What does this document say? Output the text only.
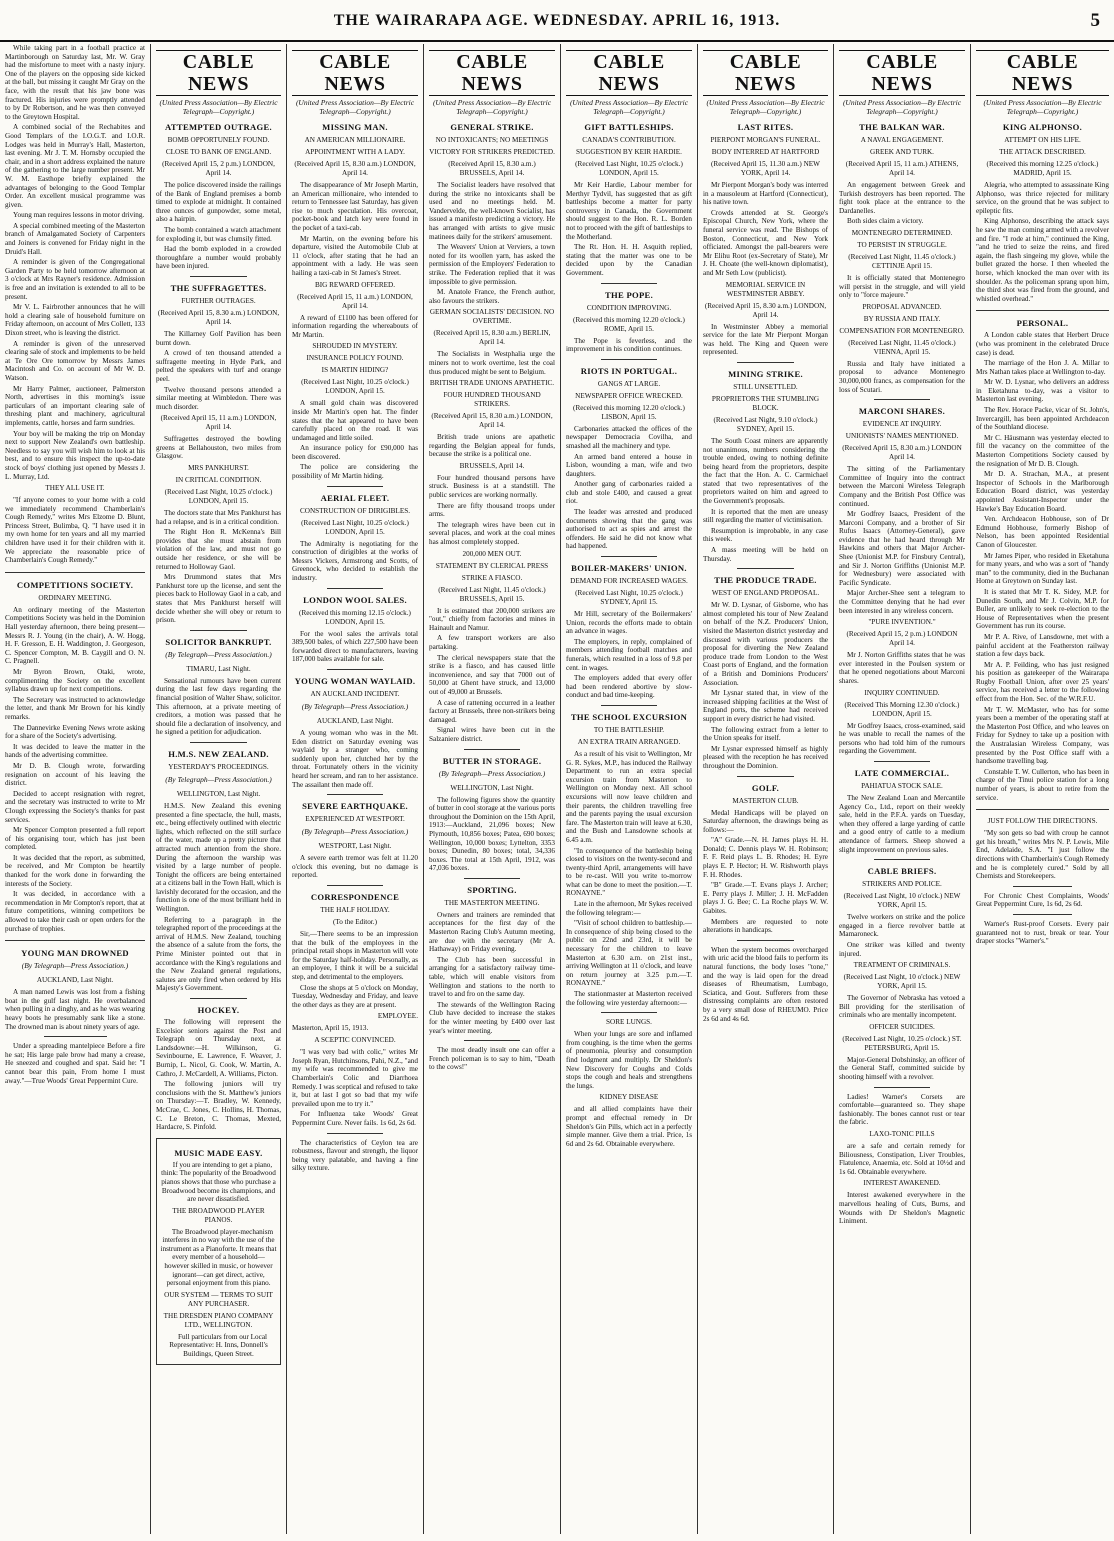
THE WAIRARAPA AGE. WEDNESDAY. APRIL 16, 1913.	5

While taking part in a football practice at Martinborough on Saturday last, Mr. W. Gray had the misfortune to meet with a nasty injury. One of the players on the opposing side kicked at the ball, but missing it caught Mr Gray on the face, with the result that his jaw bone was fractured. His injuries were promptly attended to by Dr Robertson, and he was then conveyed to the Greytown Hospital.

A combined social of the Rechabites and Good Templars of the I.O.G.T. and I.O.R. Lodges was held in Murray's Hall, Masterton, last evening. Mr J. T. M. Hornsby occupied the chair, and in a short address explained the nature of the gathering to the large number present. Mr W. M. Easthope briefly explained the advantages of belonging to the Good Templar Order. An excellent musical programme was given.

Young man requires lessons in motor driving.

A special combined meeting of the Masterton branch of Amalgamated Society of Carpenters and Joiners is convened for Friday night in the Druid's Hall.

A reminder is given of the Congregational Garden Party to be held tomorrow afternoon at 3 o'clock at Mrs Rayner's residence. Admission is free and an invitation is extended to all to be present.

Mr V. L. Fairbrother announces that he will hold a clearing sale of household furniture on Friday afternoon, on account of Mrs Collett, 133 Dixon street, who is leaving the district.

A reminder is given of the unreserved clearing sale of stock and implements to be held at Te Ore Ore tomorrow by Messrs James Macintosh and Co. on account of Mr W. D. Watson.

Mr Harry Palmer, auctioneer, Palmerston North, advertises in this morning's issue particulars of an important clearing sale of threshing plant and machinery, agricultural implements, cattle, horses and farm sundries.

Your boy will be making the trip on Monday next to support New Zealand's own battleship. Needless to say you will wish him to look at his best, and to ensure this inspect the up-to-date stock of boys' clothing just opened by Messrs J. L. Murray, Ltd.

THEY ALL USE IT.

"If anyone comes to your home with a cold we immediately recommend Chamberlain's Cough Remedy," writes Mrs Elzome D. Blunt, Princess Street, Bulimba, Q. "I have used it in my own home for ten years and all my married children have used it for their children with it. We appreciate the reasonable price of Chamberlain's Cough Remedy."

COMPETITIONS SOCIETY.
ORDINARY MEETING.

An ordinary meeting of the Masterton Competitions Society was held in the Dominion Hall yesterday afternoon, there being present—Messrs R. J. Young (in the chair), A. W. Hogg, H. F. Gresson, E. H. Waddington, J. Georgeson, C. Spencer Compton, M. B. Caygill and O. N. C. Pragnell.

Mr Byron Brown, Otaki, wrote, complimenting the Society on the excellent syllabus drawn up for next competitions.

The Secretary was instructed to acknowledge the letter, and thank Mr Brown for his kindly remarks.

The Dannevirke Evening News wrote asking for a share of the Society's advertising.

It was decided to leave the matter in the hands of the advertising committee.

Mr D. B. Clough wrote, forwarding resignation on account of his leaving the district.

Decided to accept resignation with regret, and the secretary was instructed to write to Mr Clough expressing the Society's thanks for past services.

Mr Spencer Compton presented a full report of his organising tour, which has just been completed.

It was decided that the report, as submitted, be received, and Mr Compton be heartily thanked for the work done in forwarding the interests of the Society.

It was decided, in accordance with a recommendation in Mr Compton's report, that at future competitions, winning competitors be allowed to take their cash or open orders for the purchase of trophies.

YOUNG MAN DROWNED
(By Telegraph—Press Association.)
AUCKLAND, Last Night.

A man named Lewis was lost from a fishing boat in the gulf last night. He overbalanced when pulling in a dinghy, and as he was wearing heavy boots he presumably sank like a stone. The drowned man is about ninety years of age.

Under a spreading mantelpiece Before a fire he sat; His large pale brow had many a crease, He sneezed and coughed and spat. Said he: "I cannot bear this pain, From home I must away."—True Woods' Great Peppermint Cure.

CABLE NEWS
(United Press Association—By Electric Telegraph—Copyright.)
ATTEMPTED OUTRAGE.
BOMB OPPORTUNELY FOUND.
CLOSE TO BANK OF ENGLAND.
(Received April 15, 2 p.m.) LONDON, April 14.

The police discovered inside the railings of the Bank of England premises a bomb timed to explode at midnight. It contained three ounces of gunpowder, some metal, also a hairpin.

The bomb contained a watch attachment for exploding it, but was clumsily fitted.

Had the bomb exploded in a crowded thoroughfare a number would probably have been injured.

THE SUFFRAGETTES.
FURTHER OUTRAGES.
(Received April 15, 8.30 a.m.) LONDON, April 14.

The Killarney Golf Pavilion has been burnt down.

A crowd of ten thousand attended a suffragette meeting in Hyde Park, and pelted the speakers with turf and orange peel.

Twelve thousand persons attended a similar meeting at Wimbledon. There was much disorder.

(Received April 15, 11 a.m.) LONDON, April 14.

Suffragettes destroyed the bowling greens at Bellahouston, two miles from Glasgow.

MRS PANKHURST.
IN CRITICAL CONDITION.
(Received Last Night, 10.25 o'clock.) LONDON, April 15.

The doctors state that Mrs Pankhurst has had a relapse, and is in a critical condition.

The Right Hon R. McKenna's Bill provides that she must abstain from violation of the law, and must not go outside her residence, or she will be returned to Holloway Gaol.

Mrs Drummond states that Mrs Pankhurst tore up the license, and sent the pieces back to Holloway Gaol in a cab, and states that Mrs Pankhurst herself will decide whether she will obey or return to prison.

SOLICITOR BANKRUPT.
(By Telegraph—Press Association.)
TIMARU, Last Night.

Sensational rumours have been current during the last few days regarding the financial position of Walter Shaw, solicitor. This afternoon, at a private meeting of creditors, a motion was passed that he should file a declaration of insolvency, and he signed a petition for adjudication.

H.M.S. NEW ZEALAND.
YESTERDAY'S PROCEEDINGS.
(By Telegraph—Press Association.)
WELLINGTON, Last Night.

H.M.S. New Zealand this evening presented a fine spectacle, the hull, masts, etc., being effectively outlined with electric lights, which reflected on the still surface of the water, made up a pretty picture that attracted much attention from the shore. During the afternoon the warship was visited by a large number of people. Tonight the officers are being entertained at a citizens ball in the Town Hall, which is lavishly decorated for the occasion, and the function is one of the most brilliant held in Wellington.

Referring to a paragraph in the telegraphed report of the proceedings at the arrival of H.M.S. New Zealand, touching the absence of a salute from the forts, the Prime Minister pointed out that in accordance with the King's regulations and the New Zealand general regulations, salutes are only fired when ordered by His Majesty's Government.

HOCKEY.

The following will represent the Excelsior seniors against the Post and Telegraph on Thursday next, at Landsdowne:—H. Wilkinson, G. Sevinbourne, E. Lawrence, F. Weaver, J. Burnip, L. Nicol, G. Cook, W. Martin, A. Cathro, J. McCardell, A. Williams, Picton.

The following juniors will try conclusions with the St. Matthew's juniors on Thursday:—T. Bradley, W. Kennedy, McCrae, C. Jones, C. Hollins, H. Thomas, C. Le Breton, C. Thomas, Mexted, Hardacre, S. Pinfold.

MUSIC MADE EASY.

If you are intending to get a piano, think: The popularity of the Broadwood pianos shows that those who purchase a Broadwood become its champions, and are never dissatisfied.

THE BROADWOOD PLAYER PIANOS.

The Broadwood player-mechanism interferes in no way with the use of the instrument as a Pianoforte. It means that every member of a household—however skilled in music, or however ignorant—can get direct, active, personal enjoyment from this piano.

OUR SYSTEM — TERMS TO SUIT ANY PURCHASER.
THE DRESDEN PIANO COMPANY LTD., WELLINGTON.

Full particulars from our Local Representative: H. Inns, Donnell's Buildings, Queen Street.

CABLE NEWS
(United Press Association—By Electric Telegraph—Copyright.)
MISSING MAN.
AN AMERICAN MILLIONAIRE.
APPOINTMENT WITH A LADY.
(Received April 15, 8.30 a.m.) LONDON, April 14.

The disappearance of Mr Joseph Martin, an American millionaire, who intended to return to Tennessee last Saturday, has given rise to much speculation. His overcoat, pocket-book and latch key were found in the pocket of a taxi-cab.

Mr Martin, on the evening before his departure, visited the Automobile Club at 11 o'clock, after stating that he had an appointment with a lady. He was seen hailing a taxi-cab in St James's Street.

BIG REWARD OFFERED.
(Received April 15, 11 a.m.) LONDON, April 14.

A reward of £1100 has been offered for information regarding the whereabouts of Mr Martin.

SHROUDED IN MYSTERY.
INSURANCE POLICY FOUND.
IS MARTIN HIDING?
(Received Last Night, 10.25 o'clock.) LONDON, April 15.

A small gold chain was discovered inside Mr Martin's open hat. The finder states that the hat appeared to have been carefully placed on the road. It was undamaged and little soiled.

An insurance policy for £90,000 has been discovered.

The police are considering the possibility of Mr Martin hiding.

AERIAL FLEET.
CONSTRUCTION OF DIRIGIBLES.
(Received Last Night, 10.25 o'clock.) LONDON, April 15.

The Admiralty is negotiating for the construction of dirigibles at the works of Messrs Vickers, Armstrong and Scotts, of Greenock, who decided to establish the industry.

LONDON WOOL SALES.
(Received this morning 12.15 o'clock.) LONDON, April 15.

For the wool sales the arrivals total 389,500 bales, of which 227,500 have been forwarded direct to manufacturers, leaving 187,000 bales available for sale.

YOUNG WOMAN WAYLAID.
AN AUCKLAND INCIDENT.
(By Telegraph—Press Association.)
AUCKLAND, Last Night.

A young woman who was in the Mt. Eden district on Saturday evening was waylaid by a stranger who, coming suddenly upon her, clutched her by the throat. Fortunately others in the vicinity heard her scream, and ran to her assistance. The assailant then made off.

SEVERE EARTHQUAKE.
EXPERIENCED AT WESTPORT.
(By Telegraph—Press Association.)
WESTPORT, Last Night.

A severe earth tremor was felt at 11.20 o'clock this evening, but no damage is reported.

CORRESPONDENCE
THE HALF HOLIDAY.
(To the Editor.)

Sir,—There seems to be an impression that the bulk of the employees in the principal retail shops in Masterton will vote for the Saturday half-holiday. Personally, as an employee, I think it will be a suicidal step, and detrimental to the employers.

Close the shops at 5 o'clock on Monday, Tuesday, Wednesday and Friday, and leave the other days as they are at present.

EMPLOYEE.
Masterton, April 15, 1913.
A SCEPTIC CONVINCED.

"I was very bad with colic," writes Mr Joseph Ryan, Hutchinsons, Pahi, N.Z., "and my wife was recommended to give me Chamberlain's Colic and Diarrhoea Remedy. I was sceptical and refused to take it, but at last I got so bad that my wife prevailed upon me to try it."

For Influenza take Woods' Great Peppermint Cure. Never fails. 1s 6d, 2s 6d.

The characteristics of Ceylon tea are robustness, flavour and strength, the liquor being very palatable, and having a fine silky texture.

CABLE NEWS
(United Press Association—By Electric Telegraph—Copyright.)
GENERAL STRIKE.
NO INTOXICANTS; NO MEETINGS
VICTORY FOR STRIKERS PREDICTED.
(Received April 15, 8.30 a.m.) BRUSSELS, April 14.

The Socialist leaders have resolved that during the strike no intoxicants shall be used and no meetings held. M. Vandervelde, the well-known Socialist, has issued a manifesto predicting a victory. He has arranged with artists to give music matinees daily for the strikers' amusement.

The Weavers' Union at Verviers, a town noted for its woollen yarn, has asked the permission of the Employers' Federation to strike. The Federation replied that it was impossible to give permission.

M. Anatole France, the French author, also favours the strikers.

GERMAN SOCIALISTS' DECISION. NO OVERTIME.
(Received April 15, 8.30 a.m.) BERLIN, April 14.

The Socialists in Westphalia urge the miners not to work overtime, lest the coal thus produced might be sent to Belgium.

BRITISH TRADE UNIONS APATHETIC.
FOUR HUNDRED THOUSAND STRIKERS.
(Received April 15, 8.30 a.m.) LONDON, April 14.

British trade unions are apathetic regarding the Belgian appeal for funds, because the strike is a political one.

BRUSSELS, April 14.

Four hundred thousand persons have struck. Business is at a standstill. The public services are working normally.

There are fifty thousand troops under arms.

The telegraph wires have been cut in several places, and work at the coal mines has almost completely stopped.

200,000 MEN OUT.
STATEMENT BY CLERICAL PRESS
STRIKE A FIASCO.
(Received Last Night, 11.45 o'clock.) BRUSSELS, April 15.

It is estimated that 200,000 strikers are "out," chiefly from factories and mines in Hainault and Namur.

A few transport workers are also partaking.

The clerical newspapers state that the strike is a fiasco, and has caused little inconvenience, and say that 7000 out of 50,000 at Ghent have struck, and 13,000 out of 49,000 at Brussels.

A case of rattening occurred in a leather factory at Brussels, three non-strikers being damaged.

Signal wires have been cut in the Salzaniere district.

BUTTER IN STORAGE.
(By Telegraph—Press Association.)
WELLINGTON, Last Night.

The following figures show the quantity of butter in cool storage at the various ports throughout the Dominion on the 15th April, 1913:—Auckland, 21,096 boxes; New Plymouth, 10,856 boxes; Patea, 690 boxes; Wellington, 10,000 boxes; Lyttelton, 3353 boxes; Dunedin, 80 boxes; total, 34,336 boxes. The total at 15th April, 1912, was 47,036 boxes.

SPORTING.
THE MASTERTON MEETING.

Owners and trainers are reminded that acceptances for the first day of the Masterton Racing Club's Autumn meeting, are due with the secretary (Mr A. Hathaway) on Friday evening.

The Club has been successful in arranging for a satisfactory railway time-table, which will enable visitors from Wellington and stations to the north to travel to and fro on the same day.

The stewards of the Wellington Racing Club have decided to increase the stakes for the winter meeting by £400 over last year's winter meeting.

The most deadly insult one can offer a French policeman is to say to him, "Death to the cows!"

CABLE NEWS
(United Press Association—By Electric Telegraph—Copyright.)
GIFT BATTLESHIPS.
CANADA'S CONTRIBUTION.
SUGGESTION BY KEIR HARDIE.
(Received Last Night, 10.25 o'clock.) LONDON, April 15.

Mr Keir Hardie, Labour member for Merthyr Tydvil, has suggested that as gift battleships become a matter for party controversy in Canada, the Government should suggest to the Hon. R. L. Borden not to proceed with the gift of battleships to the Motherland.

The Rt. Hon. H. H. Asquith replied, stating that the matter was one to be decided upon by the Canadian Government.

THE POPE.
CONDITION IMPROVING.
(Received this morning 12.20 o'clock.) ROME, April 15.

The Pope is feverless, and the improvement in his condition continues.

RIOTS IN PORTUGAL.
GANGS AT LARGE.
NEWSPAPER OFFICE WRECKED.
(Received this morning 12.20 o'clock.) LISBON, April 15.

Carbonaries attacked the offices of the newspaper Democracia Covilha, and smashed all the machinery and type.

An armed band entered a house in Lisbon, wounding a man, wife and two daughters.

Another gang of carbonaries raided a club and stole £400, and caused a great riot.

The leader was arrested and produced documents showing that the gang was authorised to act as spies and arrest the offenders. He said he did not know what had happened.

BOILER-MAKERS' UNION.
DEMAND FOR INCREASED WAGES.
(Received Last Night, 10.25 o'clock.) SYDNEY, April 15.

Mr Hill, secretary of the Boilermakers' Union, records the efforts made to obtain an advance in wages.

The employers, in reply, complained of members attending football matches and funerals, which resulted in a loss of 9.8 per cent. in wages.

The employers added that every offer had been rendered abortive by slow-conduct and bad time-keeping.

THE SCHOOL EXCURSION
TO THE BATTLESHIP.
AN EXTRA TRAIN ARRANGED.

As a result of his visit to Wellington, Mr G. R. Sykes, M.P., has induced the Railway Department to run an extra special excursion train from Masterton to Wellington on Monday next. All school excursions will now leave children and their parents, the children travelling free and the parents paying the usual excursion fare. The Masterton train will leave at 6.30, and the Bush and Lansdowne schools at 6.45 a.m.

"In consequence of the battleship being closed to visitors on the twenty-second and twenty-third April, arrangements will have to be re-cast. Will you write to-morrow what can be done to meet the position.—T. RONAYNE."

Late in the afternoon, Mr Sykes received the following telegram:—

"Visit of school children to battleship.—In consequence of ship being closed to the public on 22nd and 23rd, it will be necessary for the children to leave Masterton at 6.30 a.m. on 21st inst., arriving Wellington at 11 o'clock, and leave on return journey at 3.25 p.m.—T. RONAYNE."

The stationmaster at Masterton received the following wire yesterday afternoon:—

SORE LUNGS.

When your lungs are sore and inflamed from coughing, is the time when the germs of pneumonia, pleurisy and consumption find lodgment and multiply. Dr Sheldon's New Discovery for Coughs and Colds stops the cough and heals and strengthens the lungs.

KIDNEY DISEASE

and all allied complaints have their prompt and effectual remedy in Dr Sheldon's Gin Pills, which act in a perfectly simple manner. Give them a trial. Price, 1s 6d and 2s 6d. Obtainable everywhere.

CABLE NEWS
(United Press Association—By Electric Telegraph—Copyright.)
LAST RITES.
PIERPONT MORGAN'S FUNERAL.
BODY INTERRED AT HARTFORD
(Received April 15, 11.30 a.m.) NEW YORK, April 14.

Mr Pierpont Morgan's body was interred in a mausoleum at Hartford (Connecticut), his native town.

Crowds attended at St. George's Episcopal Church, New York, where the funeral service was read. The Bishops of Boston, Connecticut, and New York officiated. Amongst the pall-bearers were Mr Elihu Root (ex-Secretary of State), Mr J. H. Choate (the well-known diplomatist), and Mr Seth Low (publicist).

MEMORIAL SERVICE IN WESTMINSTER ABBEY.
(Received April 15, 8.30 a.m.) LONDON, April 14.

In Westminster Abbey a memorial service for the late Mr Pierpont Morgan was held. The King and Queen were represented.

MINING STRIKE.
STILL UNSETTLED.
PROPRIETORS THE STUMBLING BLOCK.
(Received Last Night, 9.10 o'clock.) SYDNEY, April 15.

The South Coast miners are apparently not unanimous, numbers considering the trouble ended, owing to nothing definite being heard from the proprietors, despite the fact that the Hon. A. C. Carmichael stated that two representatives of the proprietors waited on him and agreed to the Government's proposals.

It is reported that the men are uneasy still regarding the matter of victimisation.

Resumption is improbable, in any case this week.

A mass meeting will be held on Thursday.

THE PRODUCE TRADE.
WEST OF ENGLAND PROPOSAL.

Mr W. D. Lysnar, of Gisborne, who has almost completed his tour of New Zealand on behalf of the N.Z. Producers' Union, visited the Masterton district yesterday and discussed with various producers the proposal for diverting the New Zealand produce trade from London to the West Coast ports of England, and the formation of a British and Dominions Producers' Association.

Mr Lysnar stated that, in view of the increased shipping facilities at the West of England ports, the scheme had received support in every district he had visited.

The following extract from a letter to the Union speaks for itself.

Mr Lysnar expressed himself as highly pleased with the reception he has received throughout the Dominion.

GOLF.
MASTERTON CLUB.

Medal Handicaps will be played on Saturday afternoon, the drawings being as follows:—

"A" Grade.—N. H. James plays H. H. Donald; C. Dennis plays W. H. Robinson; F. F. Reid plays L. B. Rhodes; H. Eyre plays E. P. Hector; H. W. Rishworth plays F. H. Rhodes.

"B" Grade.—T. Evans plays J. Archer; E. Perry plays J. Miller; J. H. McFadden plays J. G. Bee; C. La Roche plays W. W. Gabites.

Members are requested to note alterations in handicaps.

When the system becomes overcharged with uric acid the blood fails to perform its natural functions, the body loses "tone," and the way is laid open for the dread diseases of Rheumatism, Lumbago, Sciatica, and Gout. Sufferers from these distressing complaints are often restored by a very small dose of RHEUMO. Price 2s 6d and 4s 6d.

CABLE NEWS
(United Press Association—By Electric Telegraph—Copyright.)
THE BALKAN WAR.
A NAVAL ENGAGEMENT.
GREEK AND TURK.
(Received April 15, 11 a.m.) ATHENS, April 14.

An engagement between Greek and Turkish destroyers has been reported. The fight took place at the entrance to the Dardanelles.

Both sides claim a victory.

MONTENEGRO DETERMINED.
TO PERSIST IN STRUGGLE.
(Received Last Night, 11.45 o'clock.) CETTINJE April 15.

It is officially stated that Montenegro will persist in the struggle, and will yield only to "force majeure."

PROPOSAL ADVANCED.
BY RUSSIA AND ITALY.
COMPENSATION FOR MONTENEGRO.
(Received Last Night, 11.45 o'clock.) VIENNA, April 15.

Russia and Italy have initiated a proposal to advance Montenegro 30,000,000 francs, as compensation for the loss of Scutari.

MARCONI SHARES.
EVIDENCE AT INQUIRY.
UNIONISTS' NAMES MENTIONED.
(Received April 15, 8.30 a.m.) LONDON April 14.

The sitting of the Parliamentary Committee of Inquiry into the contract between the Marconi Wireless Telegraph Company and the British Post Office was continued.

Mr Godfrey Isaacs, President of the Marconi Company, and a brother of Sir Rufus Isaacs (Attorney-General), gave evidence that he had heard through Mr Hawkins and others that Major Archer-Shee (Unionist M.P. for Finsbury Central), and Sir J. Norton Griffiths (Unionist M.P. for Wednesbury) were associated with Pacific Syndicate.

Major Archer-Shee sent a telegram to the Committee denying that he had ever been interested in any wireless concern.

"PURE INVENTION."
(Received April 15, 2 p.m.) LONDON April 14.

Mr J. Norton Griffiths states that he was ever interested in the Poulsen system or that he opened negotiations about Marconi shares.

INQUIRY CONTINUED.
(Received This Morning 12.30 o'clock.) LONDON, April 15.

Mr Godfrey Isaacs, cross-examined, said he was unable to recall the names of the persons who had told him of the rumours regarding the Government.

LATE COMMERCIAL.
PAHIATUA STOCK SALE.

The New Zealand Loan and Mercantile Agency Co., Ltd., report on their weekly sale, held in the P.F.A. yards on Tuesday, when they offered a large yarding of cattle and a good entry of cattle to a medium attendance of farmers. Sheep showed a slight improvement on previous sales.

CABLE BRIEFS.
STRIKERS AND POLICE.
(Received Last Night, 10 o'clock.) NEW YORK, April 15.

Twelve workers on strike and the police engaged in a fierce revolver battle at Mamaroneck.

One striker was killed and twenty injured.

TREATMENT OF CRIMINALS.
(Received Last Night, 10 o'clock.) NEW YORK, April 15.

The Governor of Nebraska has vetoed a Bill providing for the sterilisation of criminals who are mentally incompetent.

OFFICER SUICIDES.
(Received Last Night, 10.25 o'clock.) ST. PETERSBURG, April 15.

Major-General Dobshinsky, an officer of the General Staff, committed suicide by shooting himself with a revolver.

Ladies! Warner's Corsets are comfortable—guaranteed so. They shape fashionably. The bones cannot rust or tear the fabric.

LAXO-TONIC PILLS

are a safe and certain remedy for Biliousness, Constipation, Liver Troubles, Flatulence, Anaemia, etc. Sold at 10½d and 1s 6d. Obtainable everywhere.

INTEREST AWAKENED.

Interest awakened everywhere in the marvellous healing of Cuts, Burns, and Wounds with Dr Sheldon's Magnetic Liniment.

CABLE NEWS
(United Press Association—By Electric Telegraph—Copyright.)
KING ALPHONSO.
ATTEMPT ON HIS LIFE.
THE ATTACK DESCRIBED.
(Received this morning 12.25 o'clock.) MADRID, April 15.

Alegria, who attempted to assassinate King Alphonso, was thrice rejected for military service, on the ground that he was subject to epileptic fits.

King Alphonso, describing the attack says he saw the man coming armed with a revolver and fire. "I rode at him," continued the King, "and he tried to seize the reins, and fired again, the flash singeing my glove, while the bullet grazed the horse. I then wheeled the horse, which knocked the man over with its shoulder. As the policeman sprang upon him, the third shot was fired from the ground, and whistled overhead."

PERSONAL.

A London cable states that Herbert Druce (who was prominent in the celebrated Druce case) is dead.

The marriage of the Hon J. A. Millar to Mrs Nathan takes place at Wellington to-day.

Mr W. D. Lysnar, who delivers an address in Eketahuna to-day, was a visitor to Masterton last evening.

The Rev. Horace Packe, vicar of St. John's, Invercargill, has been appointed Archdeacon of the Southland diocese.

Mr C. Häusmann was yesterday elected to fill the vacancy on the committee of the Masterton Competitions Society caused by the resignation of Mr D. B. Clough.

Mr D. A. Strachan, M.A., at present Inspector of Schools in the Marlborough Education Board district, was yesterday appointed Assistant-Inspector under the Hawke's Bay Education Board.

Ven. Archdeacon Hobhouse, son of Dr Edmund Hobhouse, formerly Bishop of Nelson, has been appointed Residential Canon of Gloucester.

Mr James Piper, who resided in Eketahuna for many years, and who was a sort of "handy man" to the community, died in the Buchanan Home at Greytown on Sunday last.

It is stated that Mr T. K. Sidey, M.P. for Dunedin South, and Mr J. Colvin, M.P. for Buller, are unlikely to seek re-election to the House of Representatives when the present Government has run its course.

Mr P. A. Rive, of Lansdowne, met with a painful accident at the Featherston railway station a few days back.

Mr A. P. Feilding, who has just resigned his position as gatekeeper of the Wairarapa Rugby Football Union, after over 25 years' service, has received a letter to the following effect from the Hon. Sec. of the W.R.F.U.

Mr T. W. McMaster, who has for some years been a member of the operating staff at the Masterton Post Office, and who leaves on Friday for Sydney to take up a position with the Australasian Wireless Company, was presented by the Post Office staff with a handsome travelling bag.

Constable T. W. Cullerton, who has been in charge of the Tinui police station for a long number of years, is about to retire from the service.

JUST FOLLOW THE DIRECTIONS.

"My son gets so bad with croup he cannot get his breath," writes Mrs N. P. Lewis, Mile End, Adelaide, S.A. "I just follow the directions with Chamberlain's Cough Remedy and he is completely cured." Sold by all Chemists and Storekeepers.

For Chronic Chest Complaints, Woods' Great Peppermint Cure, 1s 6d, 2s 6d.

Warner's Rust-proof Corsets. Every pair guaranteed not to rust, break or tear. Your draper stocks "Warner's."
